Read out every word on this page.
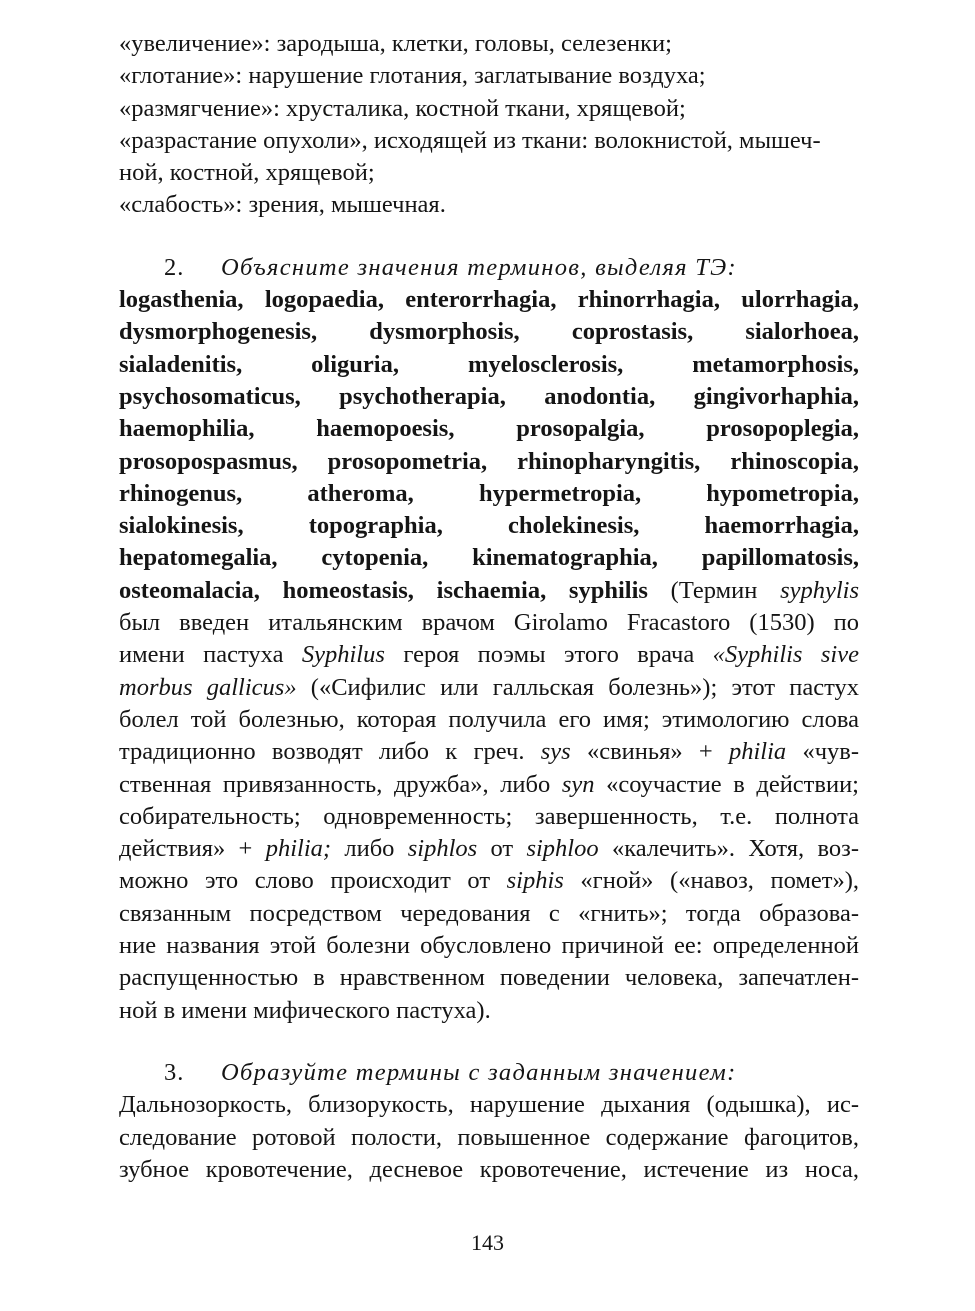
«увеличение»: зародыша, клетки, головы, селезенки;
«глотание»: нарушение глотания, заглатывание воздуха;
«размягчение»: хрусталика, костной ткани, хрящевой;
«разрастание опухоли», исходящей из ткани: волокнистой, мышеч-
ной, костной, хрящевой;
«слабость»: зрения, мышечная.
2.	Объясните значения терминов, выделяя ТЭ:
logasthenia, logopaedia, enterorrhagia, rhinorrhagia, ulorrhagia,
dysmorphogenesis, dysmorphosis, coprostasis, sialorhoea,
sialadenitis, oliguria, myelosclerosis, metamorphosis,
psychosomaticus, psychotherapia, anodontia, gingivorhaphia,
haemophilia, haemopoesis, prosopalgia, prosopoplegia,
prosopospasmus, prosopometria, rhinopharyngitis, rhinoscopia,
rhinogenus, atheroma, hypermetropia, hypometropia,
sialokinesis, topographia, cholekinesis, haemorrhagia,
hepatomegalia, cytopenia, kinematographia, papillomatosis,
osteomalacia, homeostasis, ischaemia, syphilis (Термин syphylis
был введен итальянским врачом Girolamo Fracastoro (1530) по
имени пастуха Syphilus героя поэмы этого врача «Syphilis sive
morbus gallicus» («Сифилис или галльская болезнь»); этот пастух
болел той болезнью, которая получила его имя; этимологию слова
традиционно возводят либо к греч. sys «свинья» + philia «чув-
ственная привязанность, дружба», либо syn «соучастие в действии;
собирательность; одновременность; завершенность, т.е. полнота
действия» + philia; либо siphlos от siphloo «калечить». Хотя, воз-
можно это слово происходит от siphis «гной» («навоз, помет»),
связанным посредством чередования с «гнить»; тогда образова-
ние названия этой болезни обусловлено причиной ее: определенной
распущенностью в нравственном поведении человека, запечатлен-
ной в имени мифического пастуха).
3.	Образуйте термины с заданным значением:
Дальнозоркость, близорукость, нарушение дыхания (одышка), ис-
следование ротовой полости, повышенное содержание фагоцитов,
зубное кровотечение, десневое кровотечение, истечение из носа,
143
